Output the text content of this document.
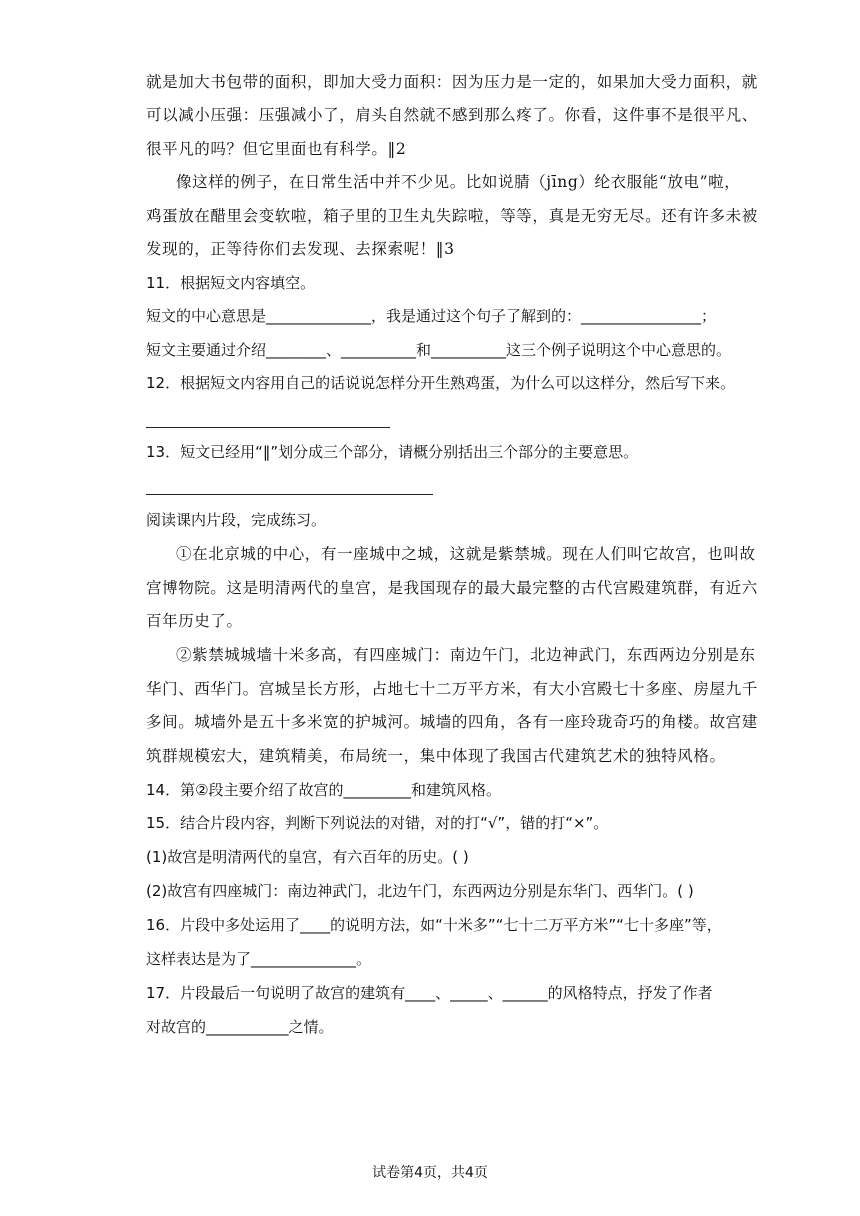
就是加大书包带的面积，即加大受力面积：因为压力是一定的，如果加大受力面积，就
可以减小压强：压强减小了，肩头自然就不感到那么疼了。你看，这件事不是很平凡、
很平凡的吗？但它里面也有科学。‖2
像这样的例子，在日常生活中并不少见。比如说腈（jīng）纶衣服能“放电”啦，
鸡蛋放在醋里会变软啦，箱子里的卫生丸失踪啦，等等，真是无穷无尽。还有许多未被
发现的，正等待你们去发现、去探索呢！‖3
11．根据短文内容填空。
短文的中心意思是______________，我是通过这个句子了解到的：________________；
短文主要通过介绍________、__________和__________这三个例子说明这个中心意思的。
12．根据短文内容用自己的话说说怎样分开生熟鸡蛋，为什么可以这样分，然后写下来。
13．短文已经用“‖”划分成三个部分，请概分别括出三个部分的主要意思。
阅读课内片段，完成练习。
①在北京城的中心，有一座城中之城，这就是紫禁城。现在人们叫它故宫，也叫故
宫博物院。这是明清两代的皇宫，是我国现存的最大最完整的古代宫殿建筑群，有近六
百年历史了。
②紫禁城城墙十米多高，有四座城门：南边午门，北边神武门，东西两边分别是东
华门、西华门。宫城呈长方形，占地七十二万平方米，有大小宫殿七十多座、房屋九千
多间。城墙外是五十多米宽的护城河。城墙的四角，各有一座玲珑奇巧的角楼。故宫建
筑群规模宏大，建筑精美，布局统一，集中体现了我国古代建筑艺术的独特风格。
14．第②段主要介绍了故宫的_________和建筑风格。
15．结合片段内容，判断下列说法的对错，对的打“√”，错的打“×”。
(1)故宫是明清两代的皇宫，有六百年的历史。( )
(2)故宫有四座城门：南边神武门，北边午门，东西两边分别是东华门、西华门。( )
16．片段中多处运用了____的说明方法，如“十米多”“七十二万平方米”“七十多座”等，
这样表达是为了______________。
17．片段最后一句说明了故宫的建筑有____、_____、______的风格特点，抒发了作者
对故宫的___________之情。
试卷第4页，共4页
